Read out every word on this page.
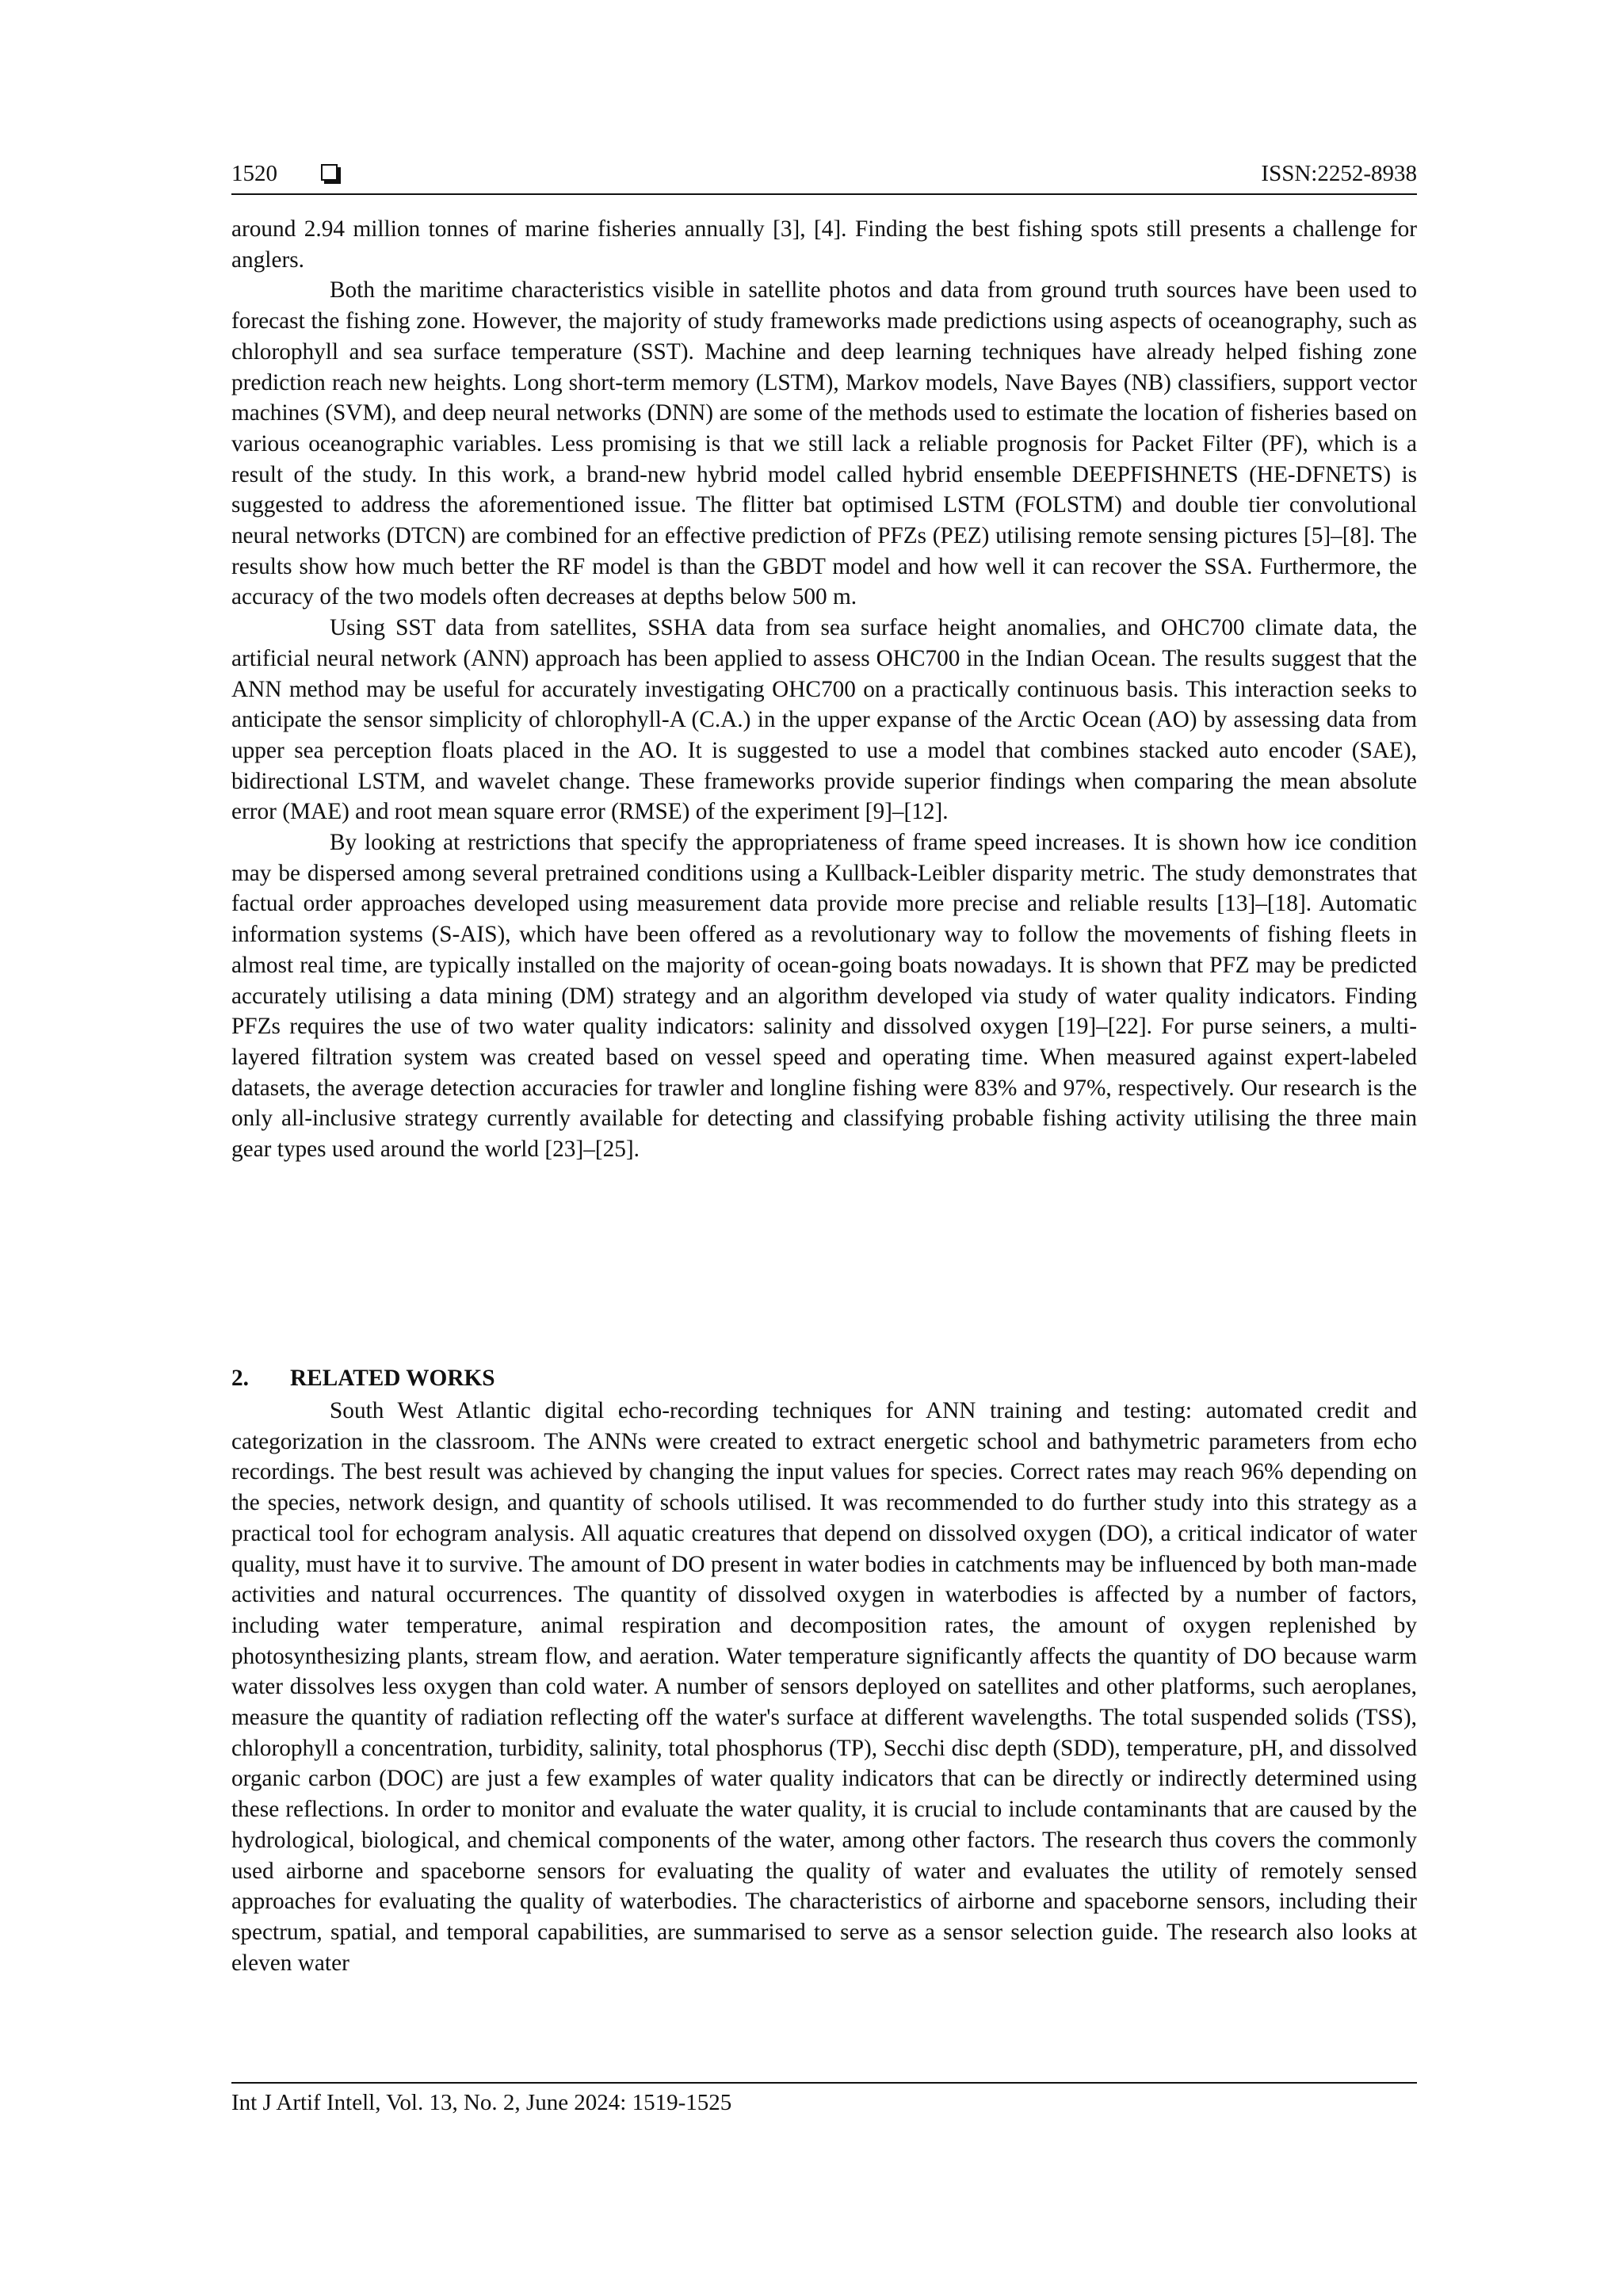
1520	ISSN:2252-8938

around 2.94 million tonnes of marine fisheries annually [3], [4]. Finding the best fishing spots still presents a challenge for anglers.

Both the maritime characteristics visible in satellite photos and data from ground truth sources have been used to forecast the fishing zone. However, the majority of study frameworks made predictions using aspects of oceanography, such as chlorophyll and sea surface temperature (SST). Machine and deep learning techniques have already helped fishing zone prediction reach new heights. Long short-term memory (LSTM), Markov models, Nave Bayes (NB) classifiers, support vector machines (SVM), and deep neural networks (DNN) are some of the methods used to estimate the location of fisheries based on various oceanographic variables. Less promising is that we still lack a reliable prognosis for Packet Filter (PF), which is a result of the study. In this work, a brand-new hybrid model called hybrid ensemble DEEPFISHNETS (HE-DFNETS) is suggested to address the aforementioned issue. The flitter bat optimised LSTM (FOLSTM) and double tier convolutional neural networks (DTCN) are combined for an effective prediction of PFZs (PEZ) utilising remote sensing pictures [5]–[8]. The results show how much better the RF model is than the GBDT model and how well it can recover the SSA. Furthermore, the accuracy of the two models often decreases at depths below 500 m.

Using SST data from satellites, SSHA data from sea surface height anomalies, and OHC700 climate data, the artificial neural network (ANN) approach has been applied to assess OHC700 in the Indian Ocean. The results suggest that the ANN method may be useful for accurately investigating OHC700 on a practically continuous basis. This interaction seeks to anticipate the sensor simplicity of chlorophyll-A (C.A.) in the upper expanse of the Arctic Ocean (AO) by assessing data from upper sea perception floats placed in the AO. It is suggested to use a model that combines stacked auto encoder (SAE), bidirectional LSTM, and wavelet change. These frameworks provide superior findings when comparing the mean absolute error (MAE) and root mean square error (RMSE) of the experiment [9]–[12].

By looking at restrictions that specify the appropriateness of frame speed increases. It is shown how ice condition may be dispersed among several pretrained conditions using a Kullback-Leibler disparity metric. The study demonstrates that factual order approaches developed using measurement data provide more precise and reliable results [13]–[18]. Automatic information systems (S-AIS), which have been offered as a revolutionary way to follow the movements of fishing fleets in almost real time, are typically installed on the majority of ocean-going boats nowadays. It is shown that PFZ may be predicted accurately utilising a data mining (DM) strategy and an algorithm developed via study of water quality indicators. Finding PFZs requires the use of two water quality indicators: salinity and dissolved oxygen [19]–[22]. For purse seiners, a multi-layered filtration system was created based on vessel speed and operating time. When measured against expert-labeled datasets, the average detection accuracies for trawler and longline fishing were 83% and 97%, respectively. Our research is the only all-inclusive strategy currently available for detecting and classifying probable fishing activity utilising the three main gear types used around the world [23]–[25].

2. RELATED WORKS

South West Atlantic digital echo-recording techniques for ANN training and testing: automated credit and categorization in the classroom. The ANNs were created to extract energetic school and bathymetric parameters from echo recordings. The best result was achieved by changing the input values for species. Correct rates may reach 96% depending on the species, network design, and quantity of schools utilised. It was recommended to do further study into this strategy as a practical tool for echogram analysis. All aquatic creatures that depend on dissolved oxygen (DO), a critical indicator of water quality, must have it to survive. The amount of DO present in water bodies in catchments may be influenced by both man-made activities and natural occurrences. The quantity of dissolved oxygen in waterbodies is affected by a number of factors, including water temperature, animal respiration and decomposition rates, the amount of oxygen replenished by photosynthesizing plants, stream flow, and aeration. Water temperature significantly affects the quantity of DO because warm water dissolves less oxygen than cold water. A number of sensors deployed on satellites and other platforms, such aeroplanes, measure the quantity of radiation reflecting off the water's surface at different wavelengths. The total suspended solids (TSS), chlorophyll a concentration, turbidity, salinity, total phosphorus (TP), Secchi disc depth (SDD), temperature, pH, and dissolved organic carbon (DOC) are just a few examples of water quality indicators that can be directly or indirectly determined using these reflections. In order to monitor and evaluate the water quality, it is crucial to include contaminants that are caused by the hydrological, biological, and chemical components of the water, among other factors. The research thus covers the commonly used airborne and spaceborne sensors for evaluating the quality of water and evaluates the utility of remotely sensed approaches for evaluating the quality of waterbodies. The characteristics of airborne and spaceborne sensors, including their spectrum, spatial, and temporal capabilities, are summarised to serve as a sensor selection guide. The research also looks at eleven water

Int J Artif Intell, Vol. 13, No. 2, June 2024: 1519-1525
